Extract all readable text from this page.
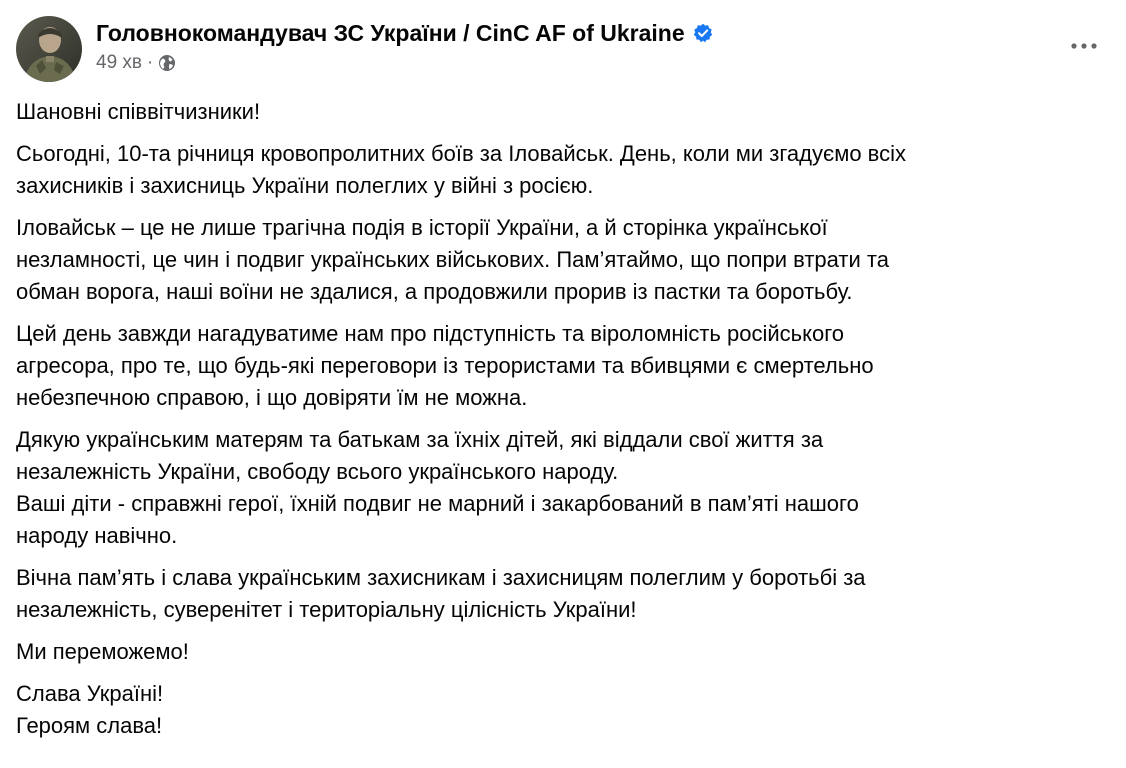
Головнокомандувач ЗС України / CinC AF of Ukraine
49 хв ·
Шановні співвітчизники!
Сьогодні, 10-та річниця кровопролитних боїв за Іловайськ. День, коли ми згадуємо всіх
захисників і захисниць України полеглих у війні з росією.
Іловайськ – це не лише трагічна подія в історії України, а й сторінка української
незламності, це чин і подвиг українських військових. Пам’ятаймо, що попри втрати та
обман ворога, наші воїни не здалися, а продовжили прорив із пастки та боротьбу.
Цей день завжди нагадуватиме нам про підступність та віроломність російського
агресора, про те, що будь-які переговори із терористами та вбивцями є смертельно
небезпечною справою, і що довіряти їм не можна.
Дякую українським матерям та батькам за їхніх дітей, які віддали свої життя за
незалежність України, свободу всього українського народу.
Ваші діти - справжні герої, їхній подвиг не марний і закарбований в пам’яті нашого
народу навічно.
Вічна пам’ять і слава українським захисникам і захисницям полеглим у боротьбі за
незалежність, суверенітет і територіальну цілісність України!
Ми переможемо!
Слава Україні!
Героям слава!
